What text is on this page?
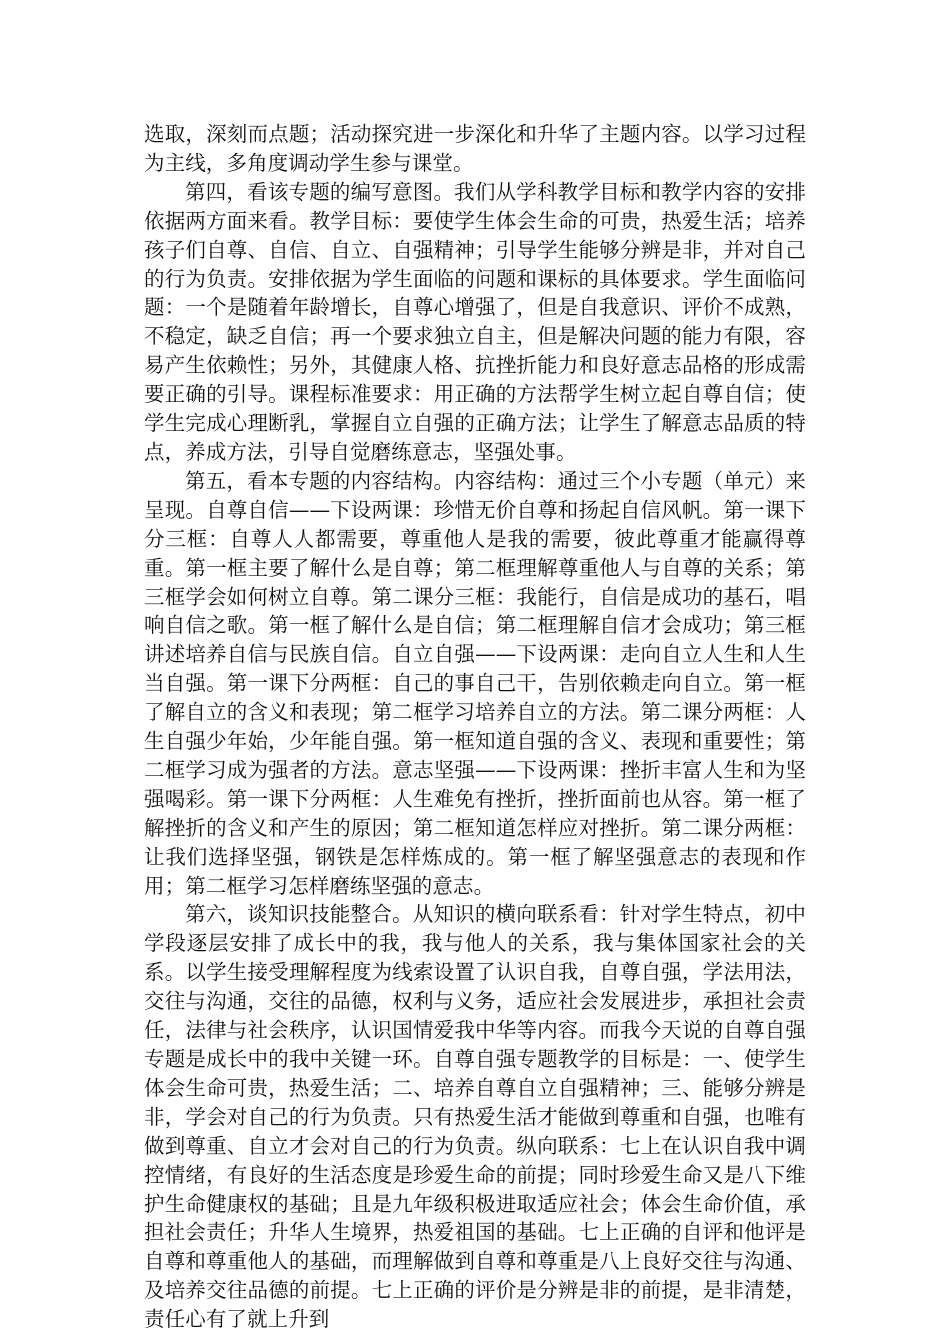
选取，深刻而点题；活动探究进一步深化和升华了主题内容。以学习过程为主线，多角度调动学生参与课堂。

第四，看该专题的编写意图。我们从学科教学目标和教学内容的安排依据两方面来看。教学目标：要使学生体会生命的可贵，热爱生活；培养孩子们自尊、自信、自立、自强精神；引导学生能够分辨是非，并对自己的行为负责。安排依据为学生面临的问题和课标的具体要求。学生面临问题：一个是随着年龄增长，自尊心增强了，但是自我意识、评价不成熟，不稳定，缺乏自信；再一个要求独立自主，但是解决问题的能力有限，容易产生依赖性；另外，其健康人格、抗挫折能力和良好意志品格的形成需要正确的引导。课程标准要求：用正确的方法帮学生树立起自尊自信；使学生完成心理断乳，掌握自立自强的正确方法；让学生了解意志品质的特点，养成方法，引导自觉磨练意志，坚强处事。

第五，看本专题的内容结构。内容结构：通过三个小专题（单元）来呈现。自尊自信——下设两课：珍惜无价自尊和扬起自信风帆。第一课下分三框：自尊人人都需要，尊重他人是我的需要，彼此尊重才能赢得尊重。第一框主要了解什么是自尊；第二框理解尊重他人与自尊的关系；第三框学会如何树立自尊。第二课分三框：我能行，自信是成功的基石，唱响自信之歌。第一框了解什么是自信；第二框理解自信才会成功；第三框讲述培养自信与民族自信。自立自强——下设两课：走向自立人生和人生当自强。第一课下分两框：自己的事自己干，告别依赖走向自立。第一框了解自立的含义和表现；第二框学习培养自立的方法。第二课分两框：人生自强少年始，少年能自强。第一框知道自强的含义、表现和重要性；第二框学习成为强者的方法。意志坚强——下设两课：挫折丰富人生和为坚强喝彩。第一课下分两框：人生难免有挫折，挫折面前也从容。第一框了解挫折的含义和产生的原因；第二框知道怎样应对挫折。第二课分两框：让我们选择坚强，钢铁是怎样炼成的。第一框了解坚强意志的表现和作用；第二框学习怎样磨练坚强的意志。

第六，谈知识技能整合。从知识的横向联系看：针对学生特点，初中学段逐层安排了成长中的我，我与他人的关系，我与集体国家社会的关系。以学生接受理解程度为线索设置了认识自我，自尊自强，学法用法，交往与沟通，交往的品德，权利与义务，适应社会发展进步，承担社会责任，法律与社会秩序，认识国情爱我中华等内容。而我今天说的自尊自强专题是成长中的我中关键一环。自尊自强专题教学的目标是：一、使学生体会生命可贵，热爱生活；二、培养自尊自立自强精神；三、能够分辨是非，学会对自己的行为负责。只有热爱生活才能做到尊重和自强，也唯有做到尊重、自立才会对自己的行为负责。纵向联系：七上在认识自我中调控情绪，有良好的生活态度是珍爱生命的前提；同时珍爱生命又是八下维护生命健康权的基础；且是九年级积极进取适应社会；体会生命价值，承担社会责任；升华人生境界，热爱祖国的基础。七上正确的自评和他评是自尊和尊重他人的基础，而理解做到自尊和尊重是八上良好交往与沟通、及培养交往品德的前提。七上正确的评价是分辨是非的前提，是非清楚，责任心有了就上升到
